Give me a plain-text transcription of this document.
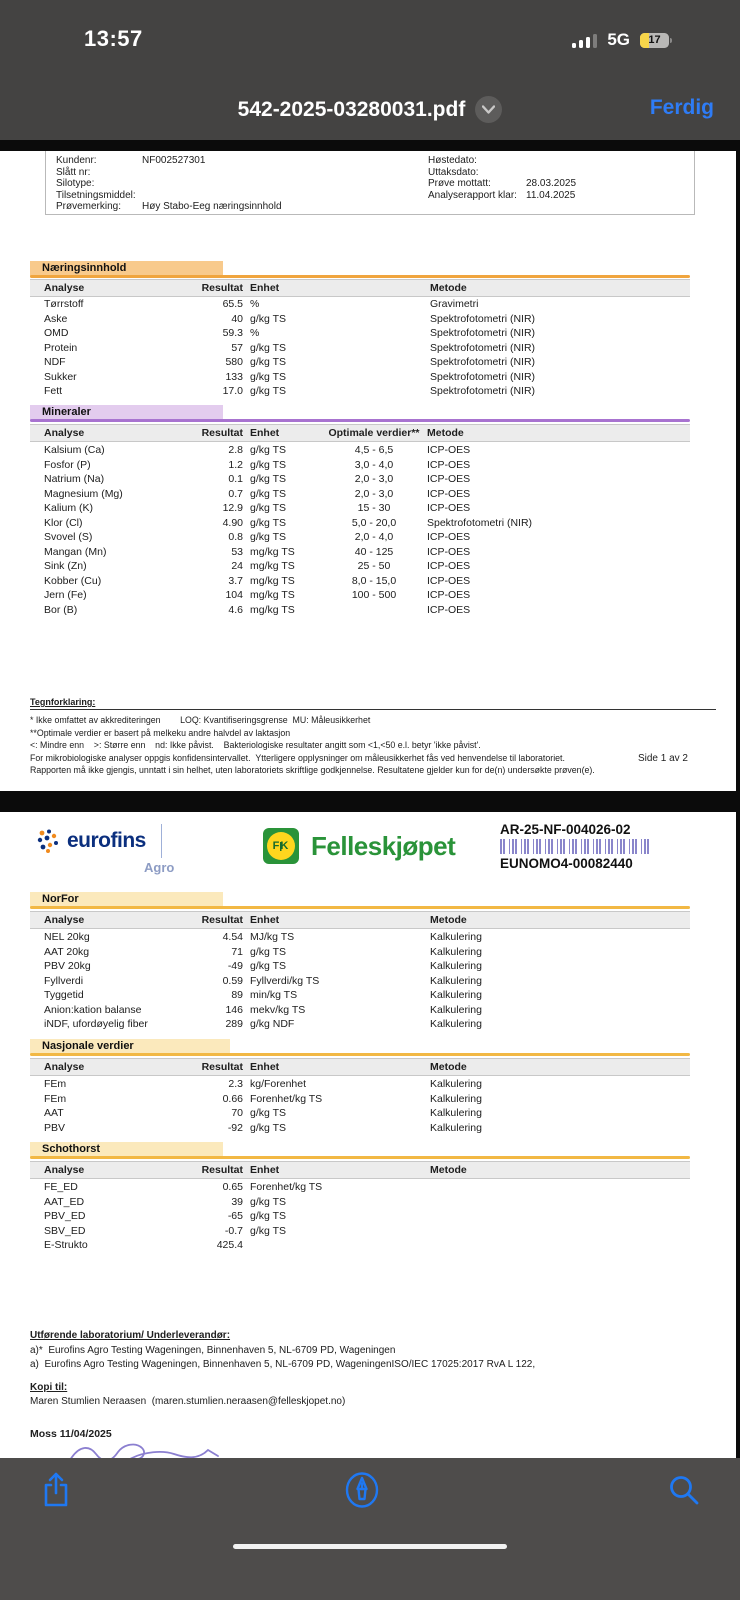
13:57	5G	17
542-2025-03280031.pdf	Ferdig
Kundenr:	NF002527301
Slått nr:
Silotype:
Tilsetningsmiddel:
Prøvemerking:	Høy Stabo-Eeg næringsinnhold
Høstedato:
Uttaksdato:
Prøve mottatt:	28.03.2025
Analyserapport klar: 11.04.2025
Næringsinnhold
Analyse	Resultat Enhet	Metode
Tørrstoff	65.5 %	Gravimetri
Aske	40 g/kg TS	Spektrofotometri (NIR)
OMD	59.3 %	Spektrofotometri (NIR)
Protein	57 g/kg TS	Spektrofotometri (NIR)
NDF	580 g/kg TS	Spektrofotometri (NIR)
Sukker	133 g/kg TS	Spektrofotometri (NIR)
Fett	17.0 g/kg TS	Spektrofotometri (NIR)
Mineraler
Analyse	Resultat Enhet	Optimale verdier** Metode
Kalsium (Ca)	2.8 g/kg TS	4,5 - 6,5	ICP-OES
Fosfor (P)	1.2 g/kg TS	3,0 - 4,0	ICP-OES
Natrium (Na)	0.1 g/kg TS	2,0 - 3,0	ICP-OES
Magnesium (Mg)	0.7 g/kg TS	2,0 - 3,0	ICP-OES
Kalium (K)	12.9 g/kg TS	15 - 30	ICP-OES
Klor (Cl)	4.90 g/kg TS	5,0 - 20,0	Spektrofotometri (NIR)
Svovel (S)	0.8 g/kg TS	2,0 - 4,0	ICP-OES
Mangan (Mn)	53 mg/kg TS	40 - 125	ICP-OES
Sink (Zn)	24 mg/kg TS	25 - 50	ICP-OES
Kobber (Cu)	3.7 mg/kg TS	8,0 - 15,0	ICP-OES
Jern (Fe)	104 mg/kg TS	100 - 500	ICP-OES
Bor (B)	4.6 mg/kg TS	ICP-OES
Tegnforklaring:
* Ikke omfattet av akkrediteringen        LOQ: Kvantifiseringsgrense  MU: Måleusikkerhet
**Optimale verdier er basert på melkeku andre halvdel av laktasjon
<: Mindre enn    >: Større enn    nd: Ikke påvist.    Bakteriologiske resultater angitt som <1,<50 e.l. betyr 'ikke påvist'.
For mikrobiologiske analyser oppgis konfidensintervallet.  Ytterligere opplysninger om måleusikkerhet fås ved henvendelse til laboratoriet.
Rapporten må ikke gjengis, unntatt i sin helhet, uten laboratoriets skriftlige godkjennelse. Resultatene gjelder kun for de(n) undersøkte prøven(e).
Side 1 av 2
eurofins
Agro
FK Felleskjøpet
AR-25-NF-004026-02
EUNOMO4-00082440
NorFor
Analyse	Resultat Enhet	Metode
NEL 20kg	4.54 MJ/kg TS	Kalkulering
AAT 20kg	71 g/kg TS	Kalkulering
PBV 20kg	-49 g/kg TS	Kalkulering
Fyllverdi	0.59 Fyllverdi/kg TS	Kalkulering
Tyggetid	89 min/kg TS	Kalkulering
Anion:kation balanse	146 mekv/kg TS	Kalkulering
iNDF, ufordøyelig fiber	289 g/kg NDF	Kalkulering
Nasjonale verdier
Analyse	Resultat Enhet	Metode
FEm	2.3 kg/Forenhet	Kalkulering
FEm	0.66 Forenhet/kg TS	Kalkulering
AAT	70 g/kg TS	Kalkulering
PBV	-92 g/kg TS	Kalkulering
Schothorst
Analyse	Resultat Enhet	Metode
FE_ED	0.65 Forenhet/kg TS
AAT_ED	39 g/kg TS
PBV_ED	-65 g/kg TS
SBV_ED	-0.7 g/kg TS
E-Strukto	425.4
Utførende laboratorium/ Underleverandør:
a)*  Eurofins Agro Testing Wageningen, Binnenhaven 5, NL-6709 PD, Wageningen
a)  Eurofins Agro Testing Wageningen, Binnenhaven 5, NL-6709 PD, WageningenISO/IEC 17025:2017 RvA L 122,
Kopi til:
Maren Stumlien Neraasen  (maren.stumlien.neraasen@felleskjopet.no)
Moss 11/04/2025
